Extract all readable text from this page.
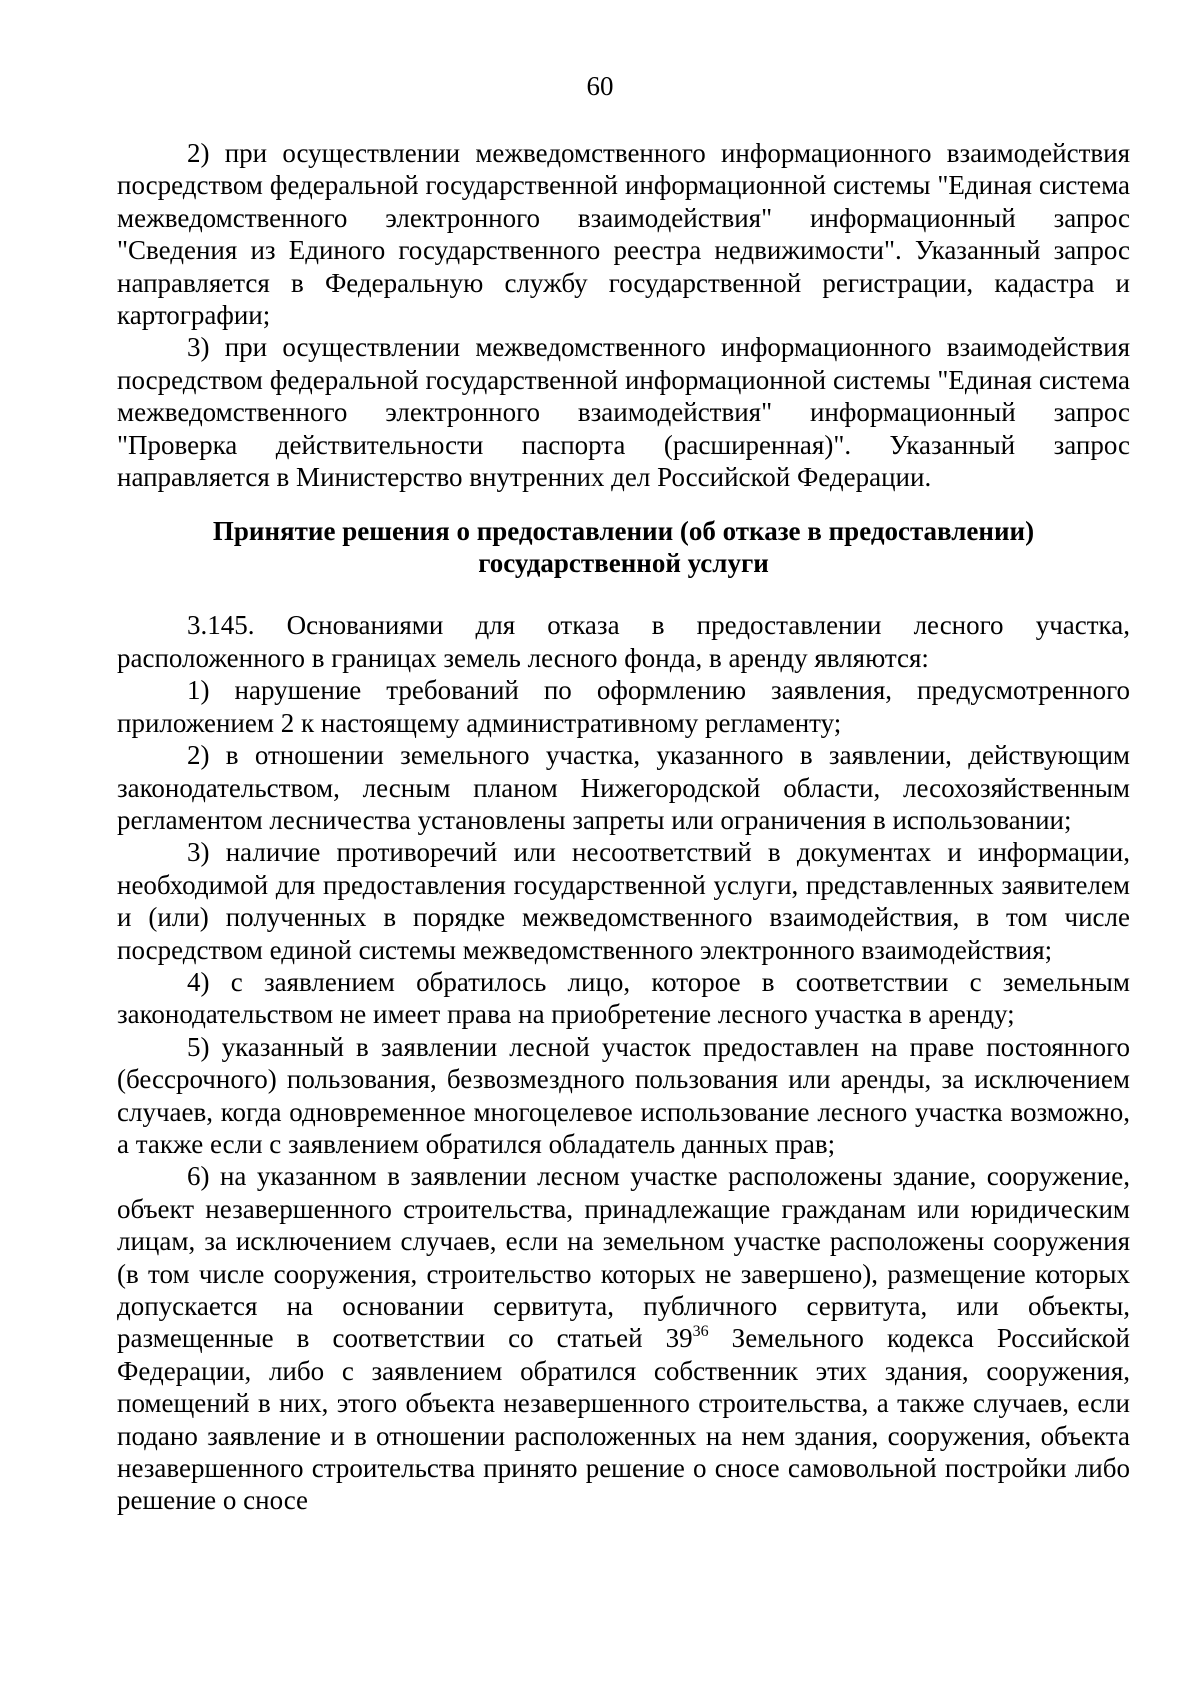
60

2) при осуществлении межведомственного информационного взаимодействия посредством федеральной государственной информационной системы "Единая система межведомственного электронного взаимодействия" информационный запрос "Сведения из Единого государственного реестра недвижимости". Указанный запрос направляется в Федеральную службу государственной регистрации, кадастра и картографии;

3) при осуществлении межведомственного информационного взаимодействия посредством федеральной государственной информационной системы "Единая система межведомственного электронного взаимодействия" информационный запрос "Проверка действительности паспорта (расширенная)". Указанный запрос направляется в Министерство внутренних дел Российской Федерации.

Принятие решения о предоставлении (об отказе в предоставлении)
государственной услуги

3.145. Основаниями для отказа в предоставлении лесного участка, расположенного в границах земель лесного фонда, в аренду являются:

1) нарушение требований по оформлению заявления, предусмотренного приложением 2 к настоящему административному регламенту;

2) в отношении земельного участка, указанного в заявлении, действующим законодательством, лесным планом Нижегородской области, лесохозяйственным регламентом лесничества установлены запреты или ограничения в использовании;

3) наличие противоречий или несоответствий в документах и информации, необходимой для предоставления государственной услуги, представленных заявителем и (или) полученных в порядке межведомственного взаимодействия, в том числе посредством единой системы межведомственного электронного взаимодействия;

4) с заявлением обратилось лицо, которое в соответствии с земельным законодательством не имеет права на приобретение лесного участка в аренду;

5) указанный в заявлении лесной участок предоставлен на праве постоянного (бессрочного) пользования, безвозмездного пользования или аренды, за исключением случаев, когда одновременное многоцелевое использование лесного участка возможно, а также если с заявлением обратился обладатель данных прав;

6) на указанном в заявлении лесном участке расположены здание, сооружение, объект незавершенного строительства, принадлежащие гражданам или юридическим лицам, за исключением случаев, если на земельном участке расположены сооружения (в том числе сооружения, строительство которых не завершено), размещение которых допускается на основании сервитута, публичного сервитута, или объекты, размещенные в соответствии со статьей $39^{36}$ Земельного кодекса Российской Федерации, либо с заявлением обратился собственник этих здания, сооружения, помещений в них, этого объекта незавершенного строительства, а также случаев, если подано заявление и в отношении расположенных на нем здания, сооружения, объекта незавершенного строительства принято решение о сносе самовольной постройки либо решение о сносе
